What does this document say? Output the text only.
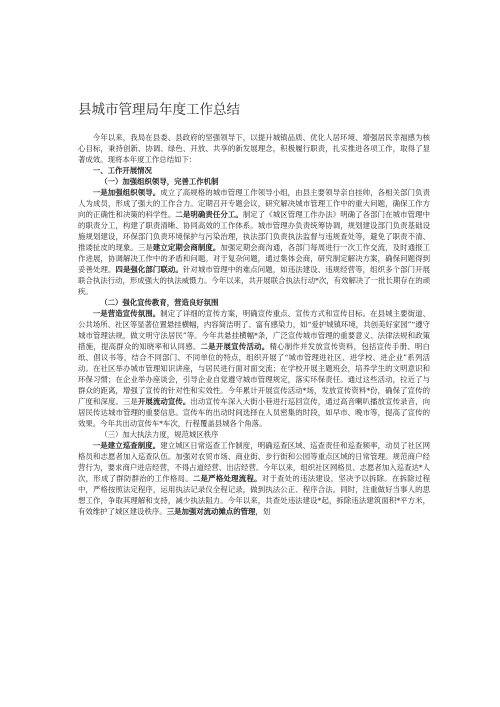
县城市管理局年度工作总结

今年以来，我局在县委、县政府的坚强领导下，以提升城镇品质、优化人居环境、增强居民幸福感为核心目标，秉持创新、协调、绿色、开放、共享的新发展理念，积极履行职责，扎实推进各项工作，取得了显著成效。现将本年度工作总结如下：

一、工作开展情况
（一）加强组织领导，完善工作机制

一是加强组织领导。成立了高规格的城市管理工作领导小组，由县主要领导亲自挂帅，各相关部门负责人为成员，形成了强大的工作合力。定期召开专题会议，研究解决城市管理工作中的重大问题，确保工作方向的正确性和决策的科学性。二是明确责任分工。制定了《城区管理工作办法》明确了各部门在城市管理中的职责分工，构建了职责清晰、协同高效的工作体系。城市管理办负责统筹协调，规划建设部门负责基础设施规划建设，环保部门负责环境保护与污染治理，执法部门负责执法监督与违规查处等，避免了职责不清、推诿扯皮的现象。三是建立定期会商制度。加强定期会商沟通，各部门每周进行一次工作交流，及时通报工作进展，协调解决工作中的矛盾和问题。对于复杂问题，通过集体会商，研究制定解决方案，确保问题得到妥善处理。四是强化部门联动。针对城市管理中的难点问题，如违法建设、违规经营等，组织多个部门开展联合执法行动，形成强大的执法威慑力。今年以来，共开展联合执法行动*次，有效解决了一批长期存在的顽疾。

（二）强化宣传教育，营造良好氛围

一是营造宣传氛围。制定了详细的宣传方案，明确宣传重点、宣传方式和宣传目标。在县城主要街道、公共场所、社区等显著位置悬挂横幅，内容简洁明了、富有感染力，如“爱护城镇环境，共创美好家园”“遵守城市管理法规，做文明守法居民”等。今年共悬挂横幅*条，广泛宣传城市管理的重要意义、法律法规和政策措施，提高群众的知晓率和认同感。二是开展宣传活动。精心制作并发放宣传资料，包括宣传手册、明白纸、倡议书等，结合不同部门、不同单位的特点，组织开展了“城市管理进社区、进学校、进企业”系列活动。在社区举办城市管理知识讲座，与居民进行面对面交流；在学校开展主题班会，培养学生的文明意识和环保习惯；在企业举办座谈会，引导企业自觉遵守城市管理规定，落实环保责任。通过这些活动，拉近了与群众的距离，增强了宣传的针对性和实效性。今年累计开展宣传活动*场，发放宣传资料*份，确保了宣传的广度和深度。三是开展流动宣传。出动宣传车深入大街小巷进行巡回宣传，通过高音喇叭播放宣传录音，向居民传达城市管理的重要信息。宣传车的出动时间选择在人员密集的时段，如早市、晚市等，提高了宣传的效果。今年共出动宣传车*车次，行程覆盖县城各个角落。

（三）加大执法力度，规范城区秩序

一是建立巡查制度。建立城区日常巡查工作制度，明确巡查区域、巡查责任和巡查频率，动员了社区网格员和志愿者加入巡查队伍。加强对农贸市场、商业街、步行街和公园等重点区域的日常管理。规范商户经营行为，要求商户进店经营，不得占道经营、出店经营。今年以来，组织社区网格员、志愿者加入巡查达*人次，形成了群防群治的工作格局。二是严格处理流程。对于查处的违法建设，坚决予以拆除。在拆除过程中，严格按照法定程序，运用执法记录仪全程记录，做到执法公正、程序合法。同时，注重做好当事人的思想工作，争取其理解和支持，减少执法阻力。今年以来，共查处违法建设*起，拆除违法建筑面积*平方米，有效维护了城区建设秩序。三是加强对流动摊点的管理，划
